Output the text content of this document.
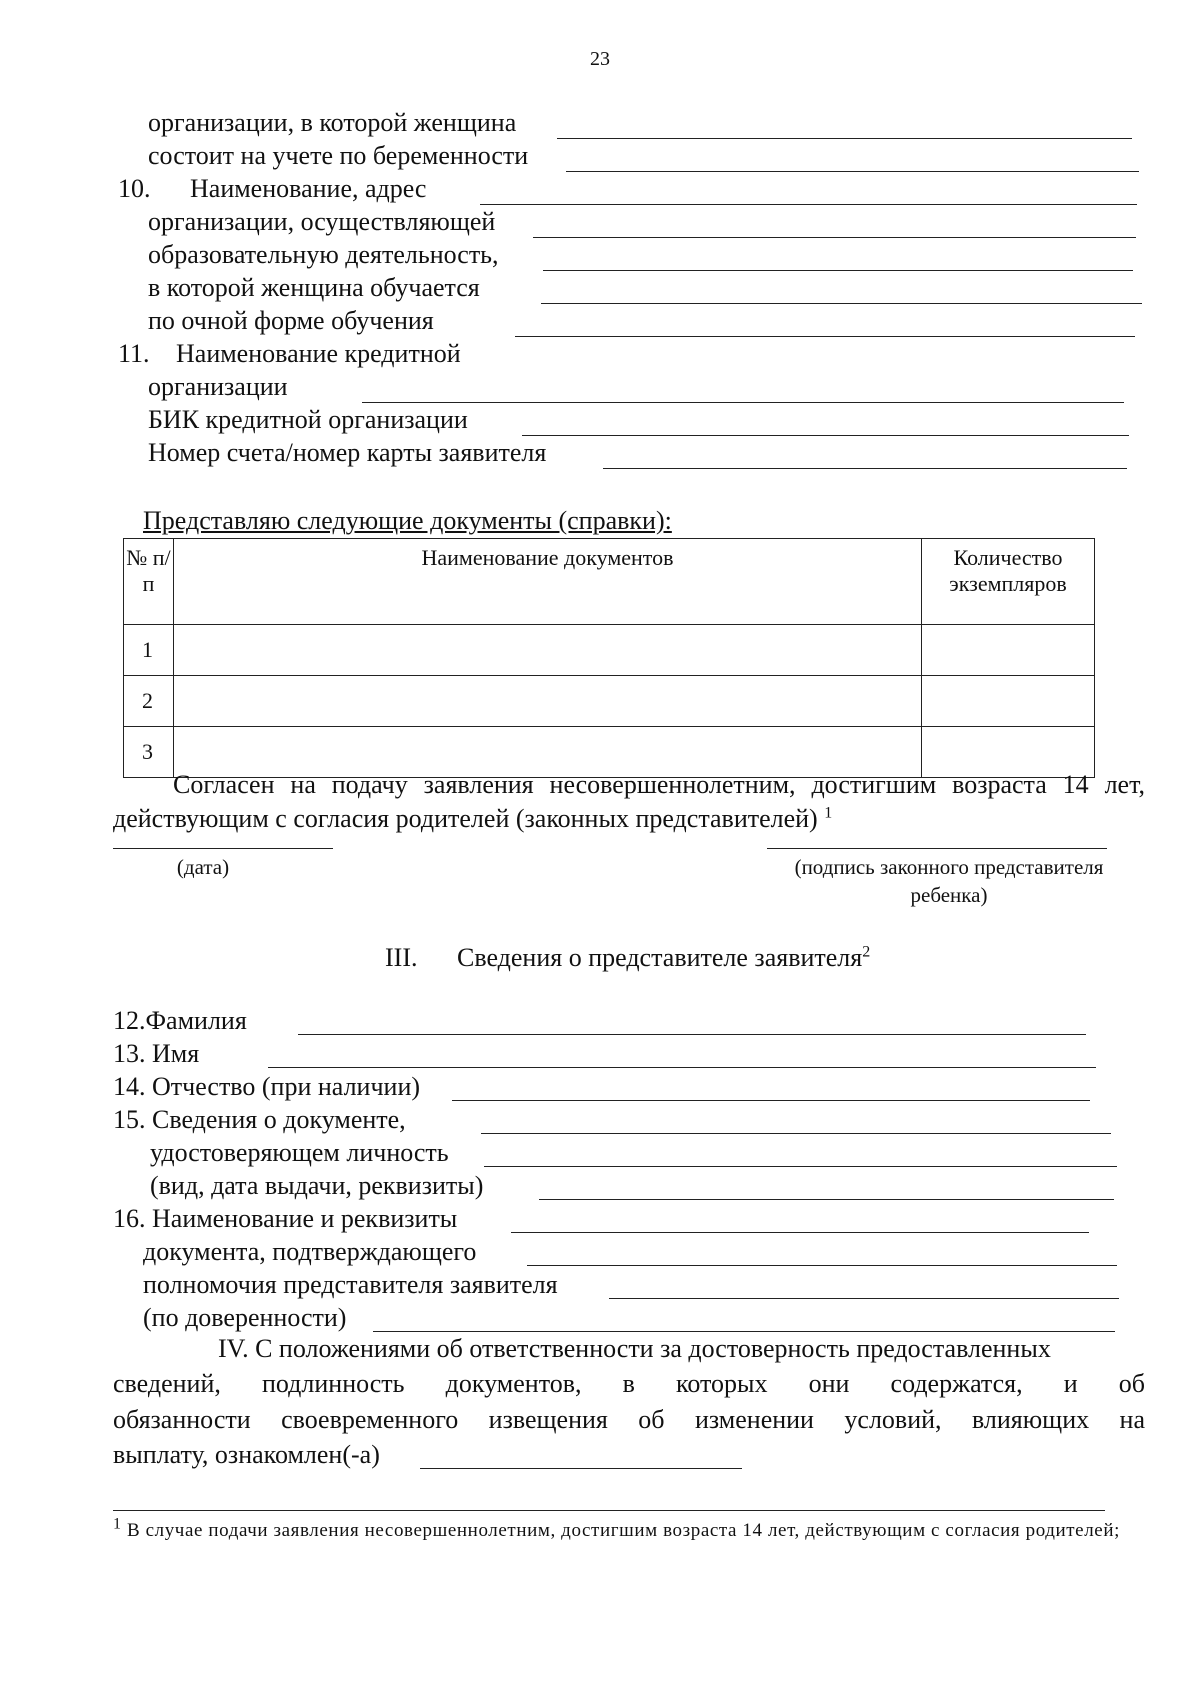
23
организации, в которой женщина
состоит на учете по беременности
10. Наименование, адрес
организации, осуществляющей
образовательную деятельность,
в которой женщина обучается
по очной форме обучения
11. Наименование кредитной
организации
БИК кредитной организации
Номер счета/номер карты заявителя
Представляю следующие документы (справки):
№ п/п	Наименование документов	Количество экземпляров
1		
2		
3		
Согласен на подачу заявления несовершеннолетним, достигшим возраста 14 лет, действующим с согласия родителей (законных представителей) $^1$
(дата)	(подпись законного представителя ребенка)
III. Сведения о представителе заявителя$^2$
12.Фамилия
13. Имя
14. Отчество (при наличии)
15. Сведения о документе,
удостоверяющем личность
(вид, дата выдачи, реквизиты)
16. Наименование и реквизиты
документа, подтверждающего
полномочия представителя заявителя
(по доверенности)
IV. С положениями об ответственности за достоверность предоставленных
сведений, подлинность документов, в которых они содержатся, и об
обязанности своевременного извещения об изменении условий, влияющих на
выплату, ознакомлен(-а)
$^1$ В случае подачи заявления несовершеннолетним, достигшим возраста 14 лет, действующим с согласия родителей;
